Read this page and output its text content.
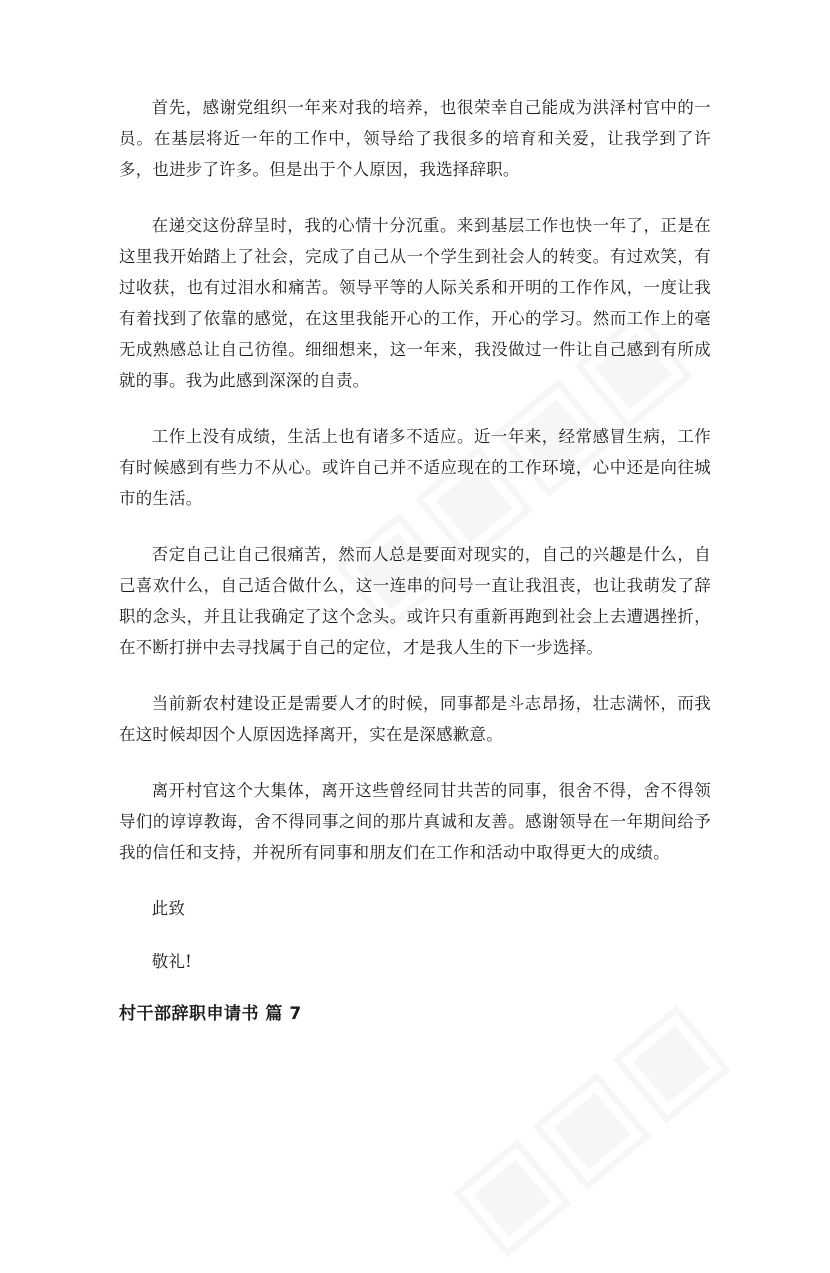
首先，感谢党组织一年来对我的培养，也很荣幸自己能成为洪泽村官中的一员。在基层将近一年的工作中，领导给了我很多的培育和关爱，让我学到了许多，也进步了许多。但是出于个人原因，我选择辞职。

在递交这份辞呈时，我的心情十分沉重。来到基层工作也快一年了，正是在这里我开始踏上了社会，完成了自己从一个学生到社会人的转变。有过欢笑，有过收获，也有过泪水和痛苦。领导平等的人际关系和开明的工作作风，一度让我有着找到了依靠的感觉，在这里我能开心的工作，开心的学习。然而工作上的毫无成熟感总让自己彷徨。细细想来，这一年来，我没做过一件让自己感到有所成就的事。我为此感到深深的自责。

工作上没有成绩，生活上也有诸多不适应。近一年来，经常感冒生病，工作有时候感到有些力不从心。或许自己并不适应现在的工作环境，心中还是向往城市的生活。

否定自己让自己很痛苦，然而人总是要面对现实的，自己的兴趣是什么，自己喜欢什么，自己适合做什么，这一连串的问号一直让我沮丧，也让我萌发了辞职的念头，并且让我确定了这个念头。或许只有重新再跑到社会上去遭遇挫折，在不断打拼中去寻找属于自己的定位，才是我人生的下一步选择。

当前新农村建设正是需要人才的时候，同事都是斗志昂扬，壮志满怀，而我在这时候却因个人原因选择离开，实在是深感歉意。

离开村官这个大集体，离开这些曾经同甘共苦的同事，很舍不得，舍不得领导们的谆谆教诲，舍不得同事之间的那片真诚和友善。感谢领导在一年期间给予我的信任和支持，并祝所有同事和朋友们在工作和活动中取得更大的成绩。

此致

敬礼!

村干部辞职申请书 篇 7
